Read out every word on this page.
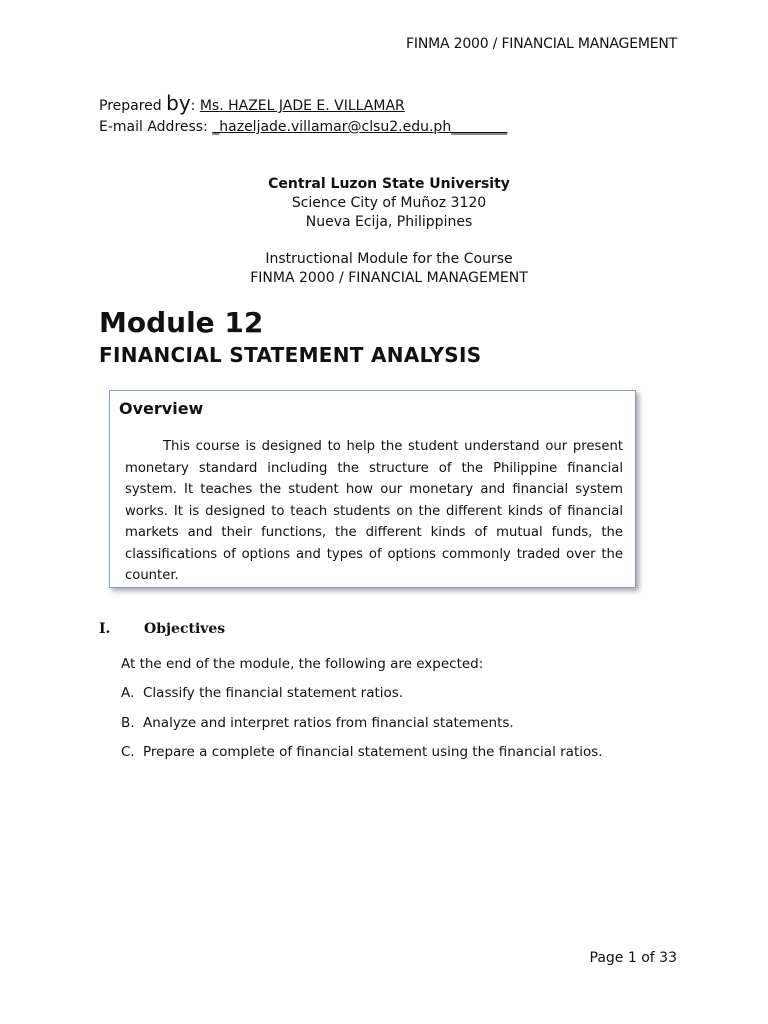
FINMA 2000 / FINANCIAL MANAGEMENT
Prepared by: Ms. HAZEL JADE E. VILLAMAR
E-mail Address: _hazeljade.villamar@clsu2.edu.ph________
Central Luzon State University
Science City of Muñoz 3120
Nueva Ecija, Philippines
Instructional Module for the Course
FINMA 2000 / FINANCIAL MANAGEMENT
Module 12
FINANCIAL STATEMENT ANALYSIS
Overview
This course is designed to help the student understand our present monetary standard including the structure of the Philippine financial system. It teaches the student how our monetary and financial system works. It is designed to teach students on the different kinds of financial markets and their functions, the different kinds of mutual funds, the classifications of options and types of options commonly traded over the counter.
I. Objectives
At the end of the module, the following are expected:
A. Classify the financial statement ratios.
B. Analyze and interpret ratios from financial statements.
C. Prepare a complete of financial statement using the financial ratios.
Page 1 of 33
